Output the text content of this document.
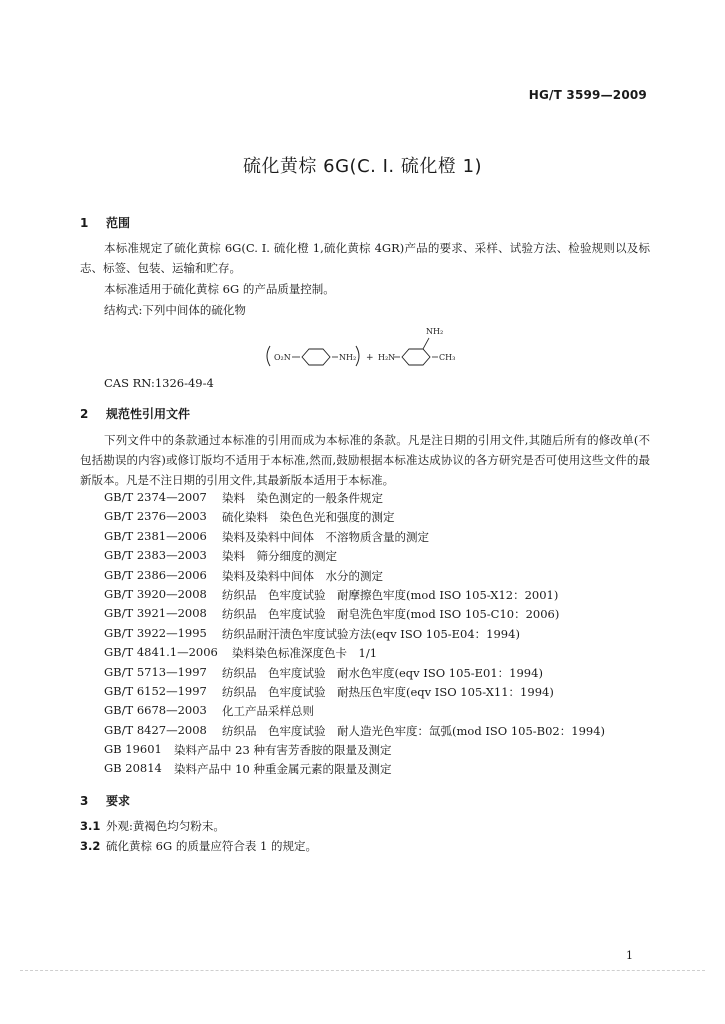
HG/T 3599—2009
硫化黄棕 6G(C. I. 硫化橙 1)
1 范围
本标准规定了硫化黄棕 6G(C. I. 硫化橙 1,硫化黄棕 4GR)产品的要求、采样、试验方法、检验规则以及标志、标签、包装、运输和贮存。
本标准适用于硫化黄棕 6G 的产品质量控制。
结构式:下列中间体的硫化物
O₂N	NH₂ + H₂N
NH₂
CH₃
CAS RN:1326-49-4
2 规范性引用文件
下列文件中的条款通过本标准的引用而成为本标准的条款。凡是注日期的引用文件,其随后所有的修改单(不包括勘误的内容)或修订版均不适用于本标准,然而,鼓励根据本标准达成协议的各方研究是否可使用这些文件的最新版本。凡是不注日期的引用文件,其最新版本适用于本标准。
GB/T 2374—2007	染料　染色测定的一般条件规定
GB/T 2376—2003	硫化染料　染色色光和强度的测定
GB/T 2381—2006	染料及染料中间体　不溶物质含量的测定
GB/T 2383—2003	染料　筛分细度的测定
GB/T 2386—2006	染料及染料中间体　水分的测定
GB/T 3920—2008	纺织品　色牢度试验　耐摩擦色牢度(mod ISO 105-X12：2001)
GB/T 3921—2008	纺织品　色牢度试验　耐皂洗色牢度(mod ISO 105-C10：2006)
GB/T 3922—1995	纺织品耐汗渍色牢度试验方法(eqv ISO 105-E04：1994)
GB/T 4841.1—2006	染料染色标准深度色卡　1/1
GB/T 5713—1997	纺织品　色牢度试验　耐水色牢度(eqv ISO 105-E01：1994)
GB/T 6152—1997	纺织品　色牢度试验　耐热压色牢度(eqv ISO 105-X11：1994)
GB/T 6678—2003	化工产品采样总则
GB/T 8427—2008	纺织品　色牢度试验　耐人造光色牢度：氙弧(mod ISO 105-B02：1994)
GB 19601	染料产品中 23 种有害芳香胺的限量及测定
GB 20814	染料产品中 10 种重金属元素的限量及测定
3 要求
3.1 外观:黄褐色均匀粉末。
3.2 硫化黄棕 6G 的质量应符合表 1 的规定。
1
